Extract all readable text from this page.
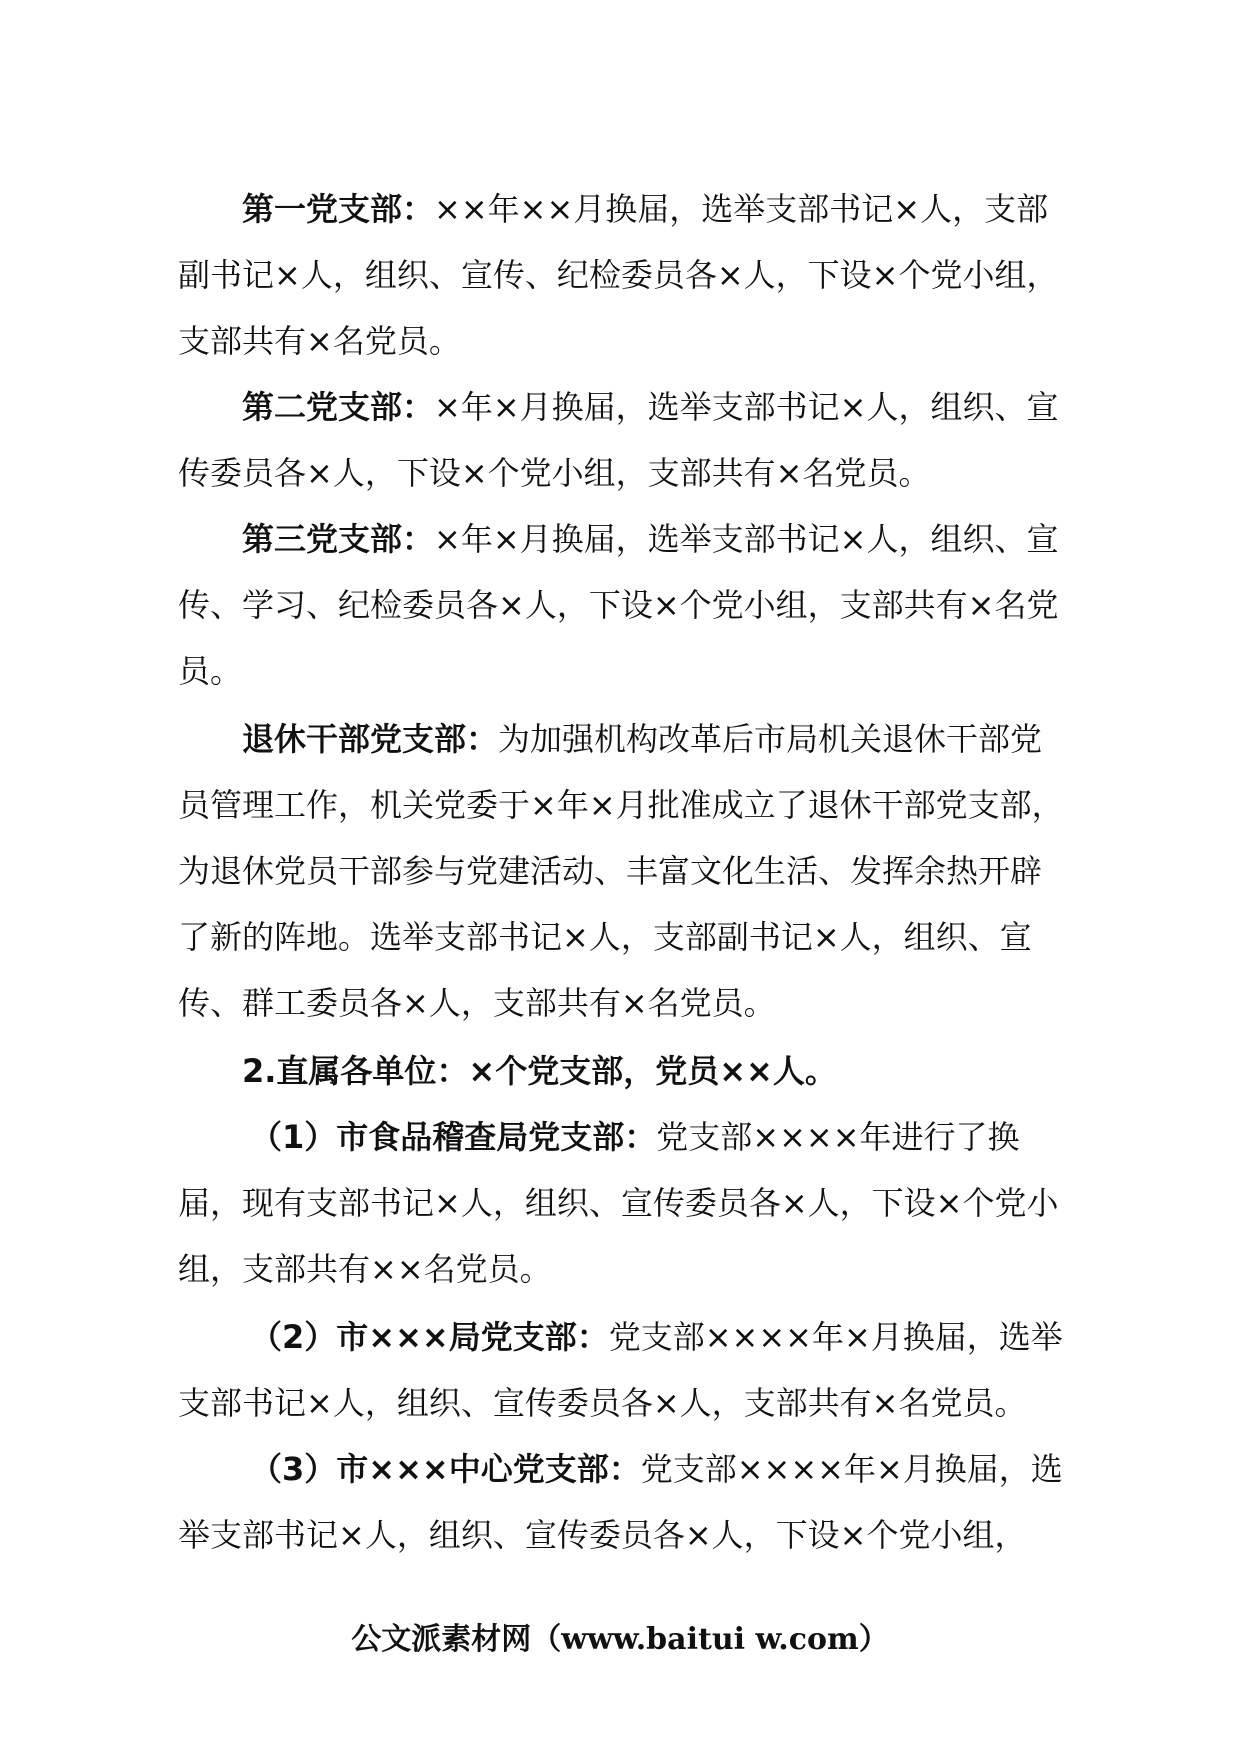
第一党支部：××年××月换届，选举支部书记×人，支部副书记×人，组织、宣传、纪检委员各×人，下设×个党小组，支部共有×名党员。

第二党支部：×年×月换届，选举支部书记×人，组织、宣传委员各×人，下设×个党小组，支部共有×名党员。

第三党支部：×年×月换届，选举支部书记×人，组织、宣传、学习、纪检委员各×人，下设×个党小组，支部共有×名党员。

退休干部党支部：为加强机构改革后市局机关退休干部党员管理工作，机关党委于×年×月批准成立了退休干部党支部，为退休党员干部参与党建活动、丰富文化生活、发挥余热开辟了新的阵地。选举支部书记×人，支部副书记×人，组织、宣传、群工委员各×人，支部共有×名党员。

2.直属各单位：×个党支部，党员××人。

（1）市食品稽查局党支部：党支部××××年进行了换届，现有支部书记×人，组织、宣传委员各×人，下设×个党小组，支部共有××名党员。

（2）市×××局党支部：党支部××××年×月换届，选举支部书记×人，组织、宣传委员各×人，支部共有×名党员。

（3）市×××中心党支部：党支部××××年×月换届，选举支部书记×人，组织、宣传委员各×人，下设×个党小组，

公文派素材网（www.baitui w.com）
